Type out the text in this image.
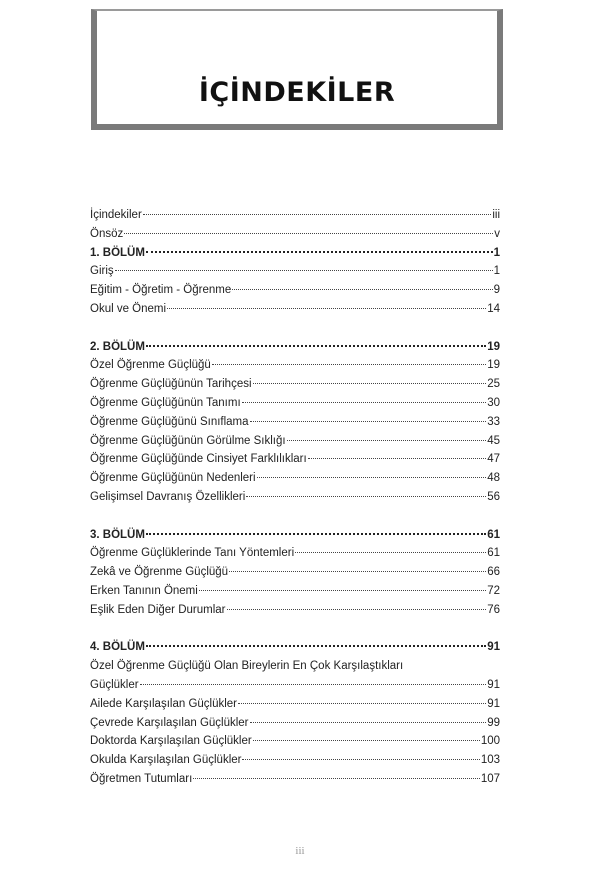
İÇİNDEKİLER
İçindekiler	iii
Önsöz	v
1. BÖLÜM	1
Giriş	1
Eğitim - Öğretim - Öğrenme	9
Okul ve Önemi	14
2. BÖLÜM	19
Özel Öğrenme Güçlüğü	19
Öğrenme Güçlüğünün Tarihçesi	25
Öğrenme Güçlüğünün Tanımı	30
Öğrenme Güçlüğünü Sınıflama	33
Öğrenme Güçlüğünün Görülme Sıklığı	45
Öğrenme Güçlüğünde Cinsiyet Farklılıkları	47
Öğrenme Güçlüğünün Nedenleri	48
Gelişimsel Davranış Özellikleri	56
3. BÖLÜM	61
Öğrenme Güçlüklerinde Tanı Yöntemleri	61
Zekâ ve Öğrenme Güçlüğü	66
Erken Tanının Önemi	72
Eşlik Eden Diğer Durumlar	76
4. BÖLÜM	91
Özel Öğrenme Güçlüğü Olan Bireylerin En Çok Karşılaştıkları
Güçlükler	91
Ailede Karşılaşılan Güçlükler	91
Çevrede Karşılaşılan Güçlükler	99
Doktorda Karşılaşılan Güçlükler	100
Okulda Karşılaşılan Güçlükler	103
Öğretmen Tutumları	107
iii
